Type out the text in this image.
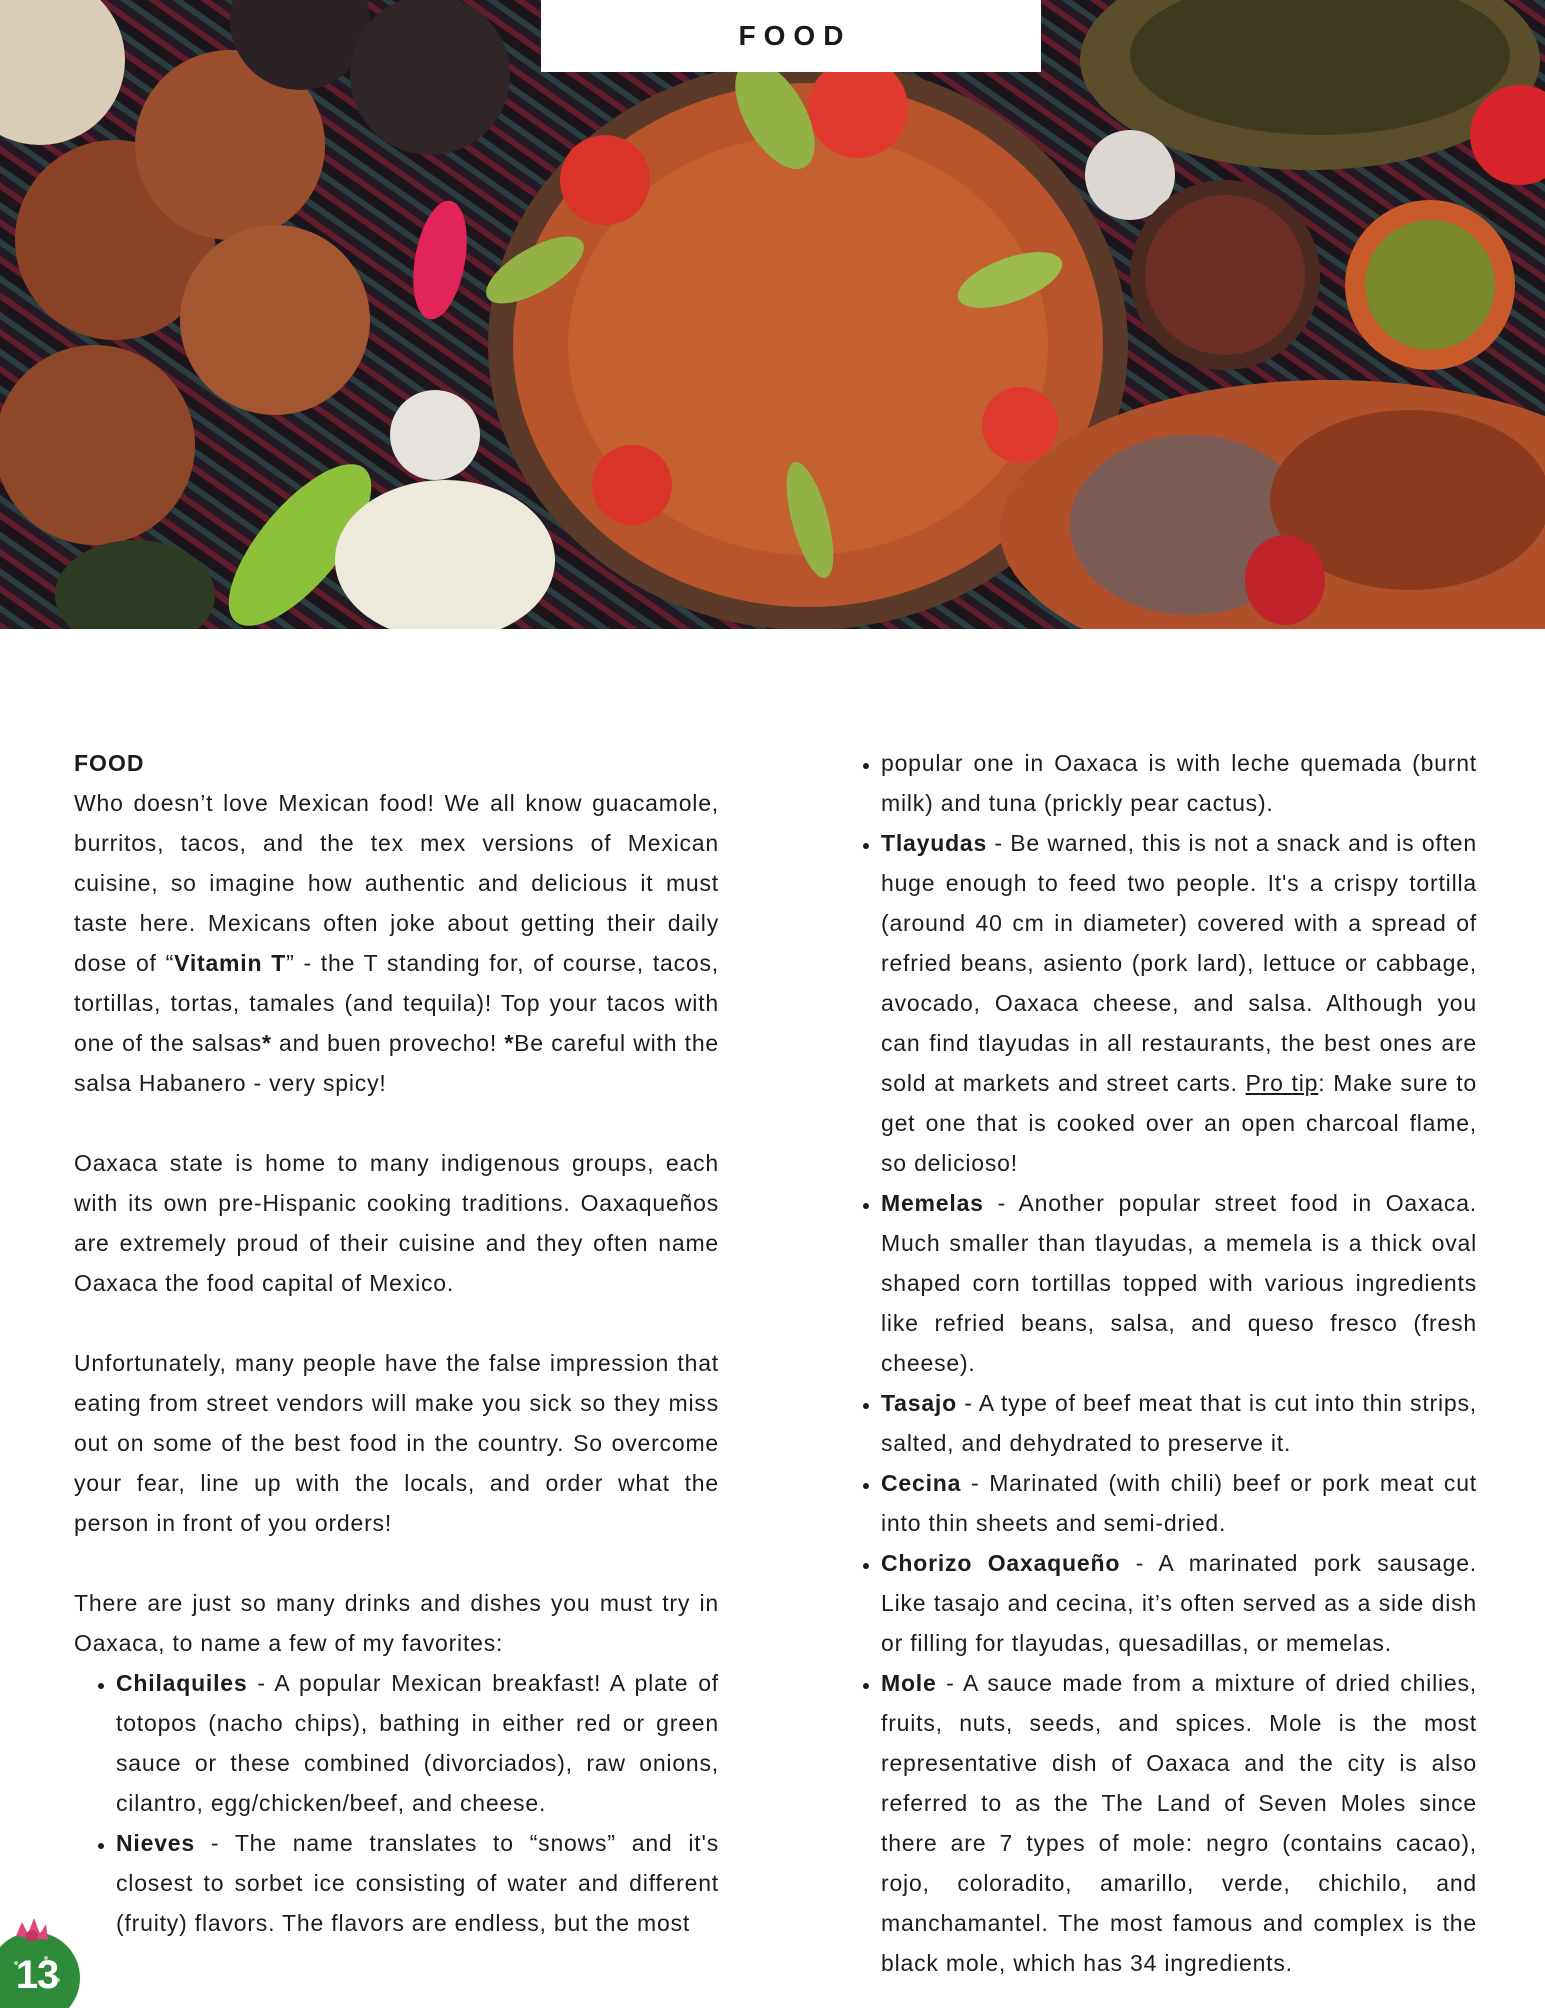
FOOD

FOOD

Who doesn’t love Mexican food! We all know guacamole, burritos, tacos, and the tex mex versions of Mexican cuisine, so imagine how authentic and delicious it must taste here. Mexicans often joke about getting their daily dose of “Vitamin T” - the T standing for, of course, tacos, tortillas, tortas, tamales (and tequila)! Top your tacos with one of the salsas* and buen provecho! *Be careful with the salsa Habanero - very spicy!

Oaxaca state is home to many indigenous groups, each with its own pre-Hispanic cooking traditions. Oaxaqueños are extremely proud of their cuisine and they often name Oaxaca the food capital of Mexico.

Unfortunately, many people have the false impression that eating from street vendors will make you sick so they miss out on some of the best food in the country. So overcome your fear, line up with the locals, and order what the person in front of you orders!

There are just so many drinks and dishes you must try in Oaxaca, to name a few of my favorites:

• Chilaquiles - A popular Mexican breakfast! A plate of totopos (nacho chips), bathing in either red or green sauce or these combined (divorciados), raw onions, cilantro, egg/chicken/beef, and cheese.
• Nieves - The name translates to “snows” and it's closest to sorbet ice consisting of water and different (fruity) flavors. The flavors are endless, but the most
• popular one in Oaxaca is with leche quemada (burnt milk) and tuna (prickly pear cactus).
• Tlayudas - Be warned, this is not a snack and is often huge enough to feed two people. It's a crispy tortilla (around 40 cm in diameter) covered with a spread of refried beans, asiento (pork lard), lettuce or cabbage, avocado, Oaxaca cheese, and salsa. Although you can find tlayudas in all restaurants, the best ones are sold at markets and street carts. Pro tip: Make sure to get one that is cooked over an open charcoal flame, so delicioso!
• Memelas - Another popular street food in Oaxaca. Much smaller than tlayudas, a memela is a thick oval shaped corn tortillas topped with various ingredients like refried beans, salsa, and queso fresco (fresh cheese).
• Tasajo - A type of beef meat that is cut into thin strips, salted, and dehydrated to preserve it.
• Cecina - Marinated (with chili) beef or pork meat cut into thin sheets and semi-dried.
• Chorizo Oaxaqueño - A marinated pork sausage. Like tasajo and cecina, it’s often served as a side dish or filling for tlayudas, quesadillas, or memelas.
• Mole - A sauce made from a mixture of dried chilies, fruits, nuts, seeds, and spices. Mole is the most representative dish of Oaxaca and the city is also referred to as the The Land of Seven Moles since there are 7 types of mole: negro (contains cacao), rojo, coloradito, amarillo, verde, chichilo, and manchamantel. The most famous and complex is the black mole, which has 34 ingredients.
13
